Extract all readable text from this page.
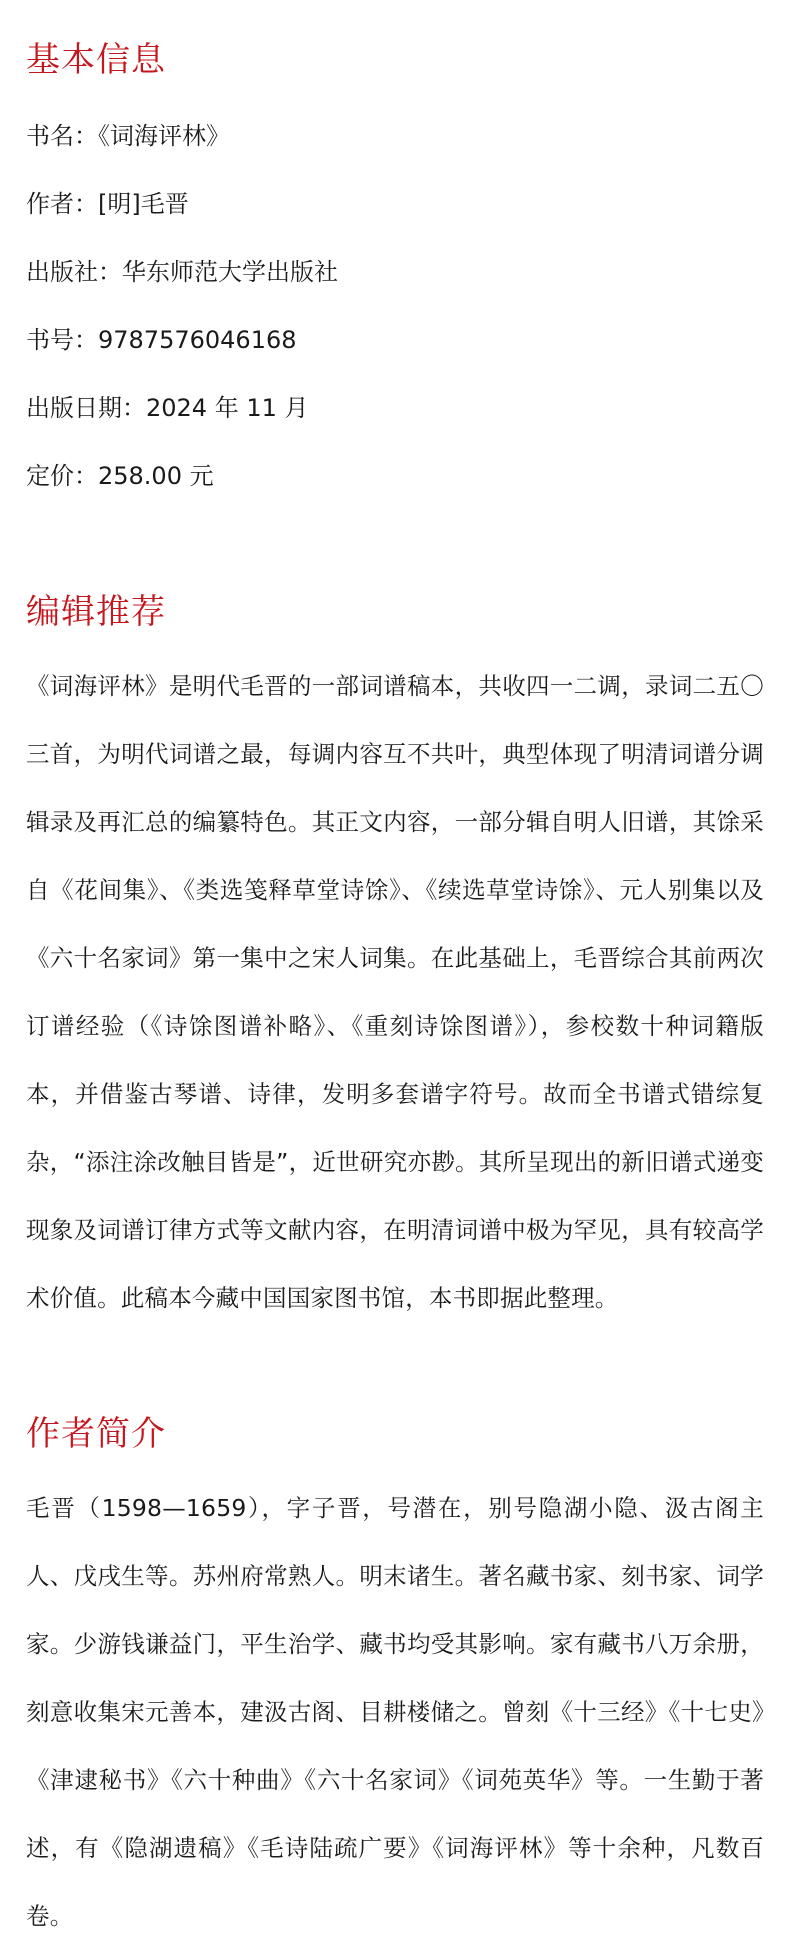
基本信息
书名：《词海评林》
作者：[明]毛晋
出版社：华东师范大学出版社
书号：9787576046168
出版日期：2024 年 11 月
定价：258.00 元
编辑推荐

《词海评林》是明代毛晋的一部词谱稿本，共收四一二调，录词二五〇三首，为明代词谱之最，每调内容互不共叶，典型体现了明清词谱分调辑录及再汇总的编纂特色。其正文内容，一部分辑自明人旧谱，其馀采自《花间集》、《类选笺释草堂诗馀》、《续选草堂诗馀》、元人别集以及《六十名家词》第一集中之宋人词集。在此基础上，毛晋综合其前两次订谱经验（《诗馀图谱补略》、《重刻诗馀图谱》），参校数十种词籍版本，并借鉴古琴谱、诗律，发明多套谱字符号。故而全书谱式错综复杂，“添注涂改触目皆是”，近世研究亦尠。其所呈现出的新旧谱式递变现象及词谱订律方式等文献内容，在明清词谱中极为罕见，具有较高学术价值。此稿本今藏中国国家图书馆，本书即据此整理。

作者简介

毛晋（1598—1659），字子晋，号潜在，别号隐湖小隐、汲古阁主人、戊戌生等。苏州府常熟人。明末诸生。著名藏书家、刻书家、词学家。少游钱谦益门，平生治学、藏书均受其影响。家有藏书八万余册，刻意收集宋元善本，建汲古阁、目耕楼储之。曾刻《十三经》《十七史》《津逮秘书》《六十种曲》《六十名家词》《词苑英华》等。一生勤于著述，有《隐湖遗稿》《毛诗陆疏广要》《词海评林》等十余种，凡数百卷。
